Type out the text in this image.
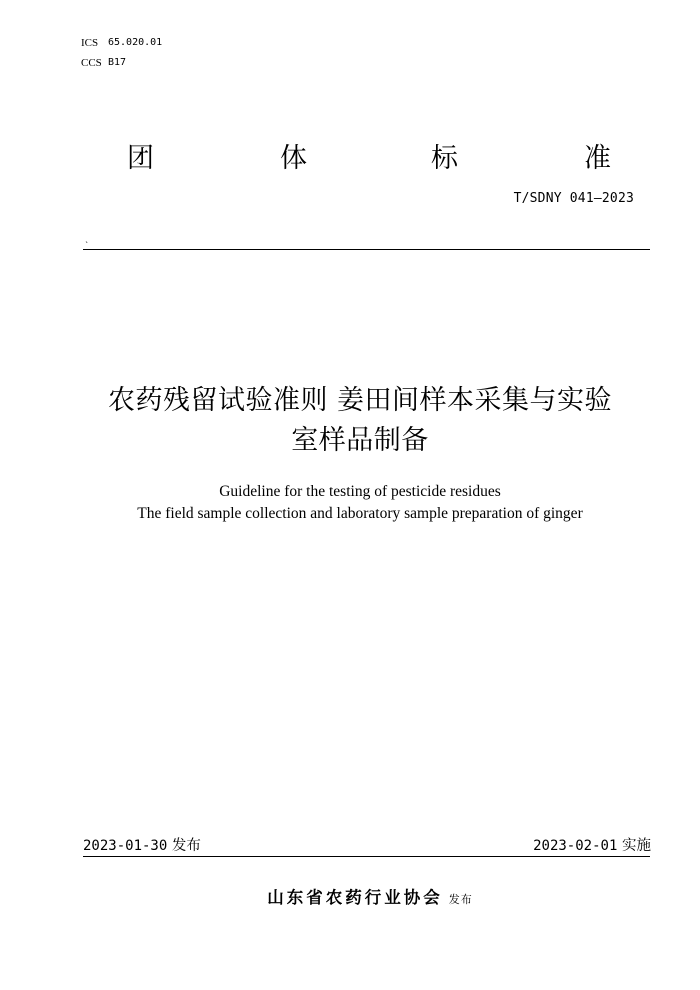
ICS 65.020.01
CCS B17
团	体	标	准
T/SDNY 041—2023
`
农药残留试验准则 姜田间样本采集与实验
室样品制备
Guideline for the testing of pesticide residues
The field sample collection and laboratory sample preparation of ginger
2023-01-30 发布	2023-02-01 实施
山东省农药行业协会 发布
